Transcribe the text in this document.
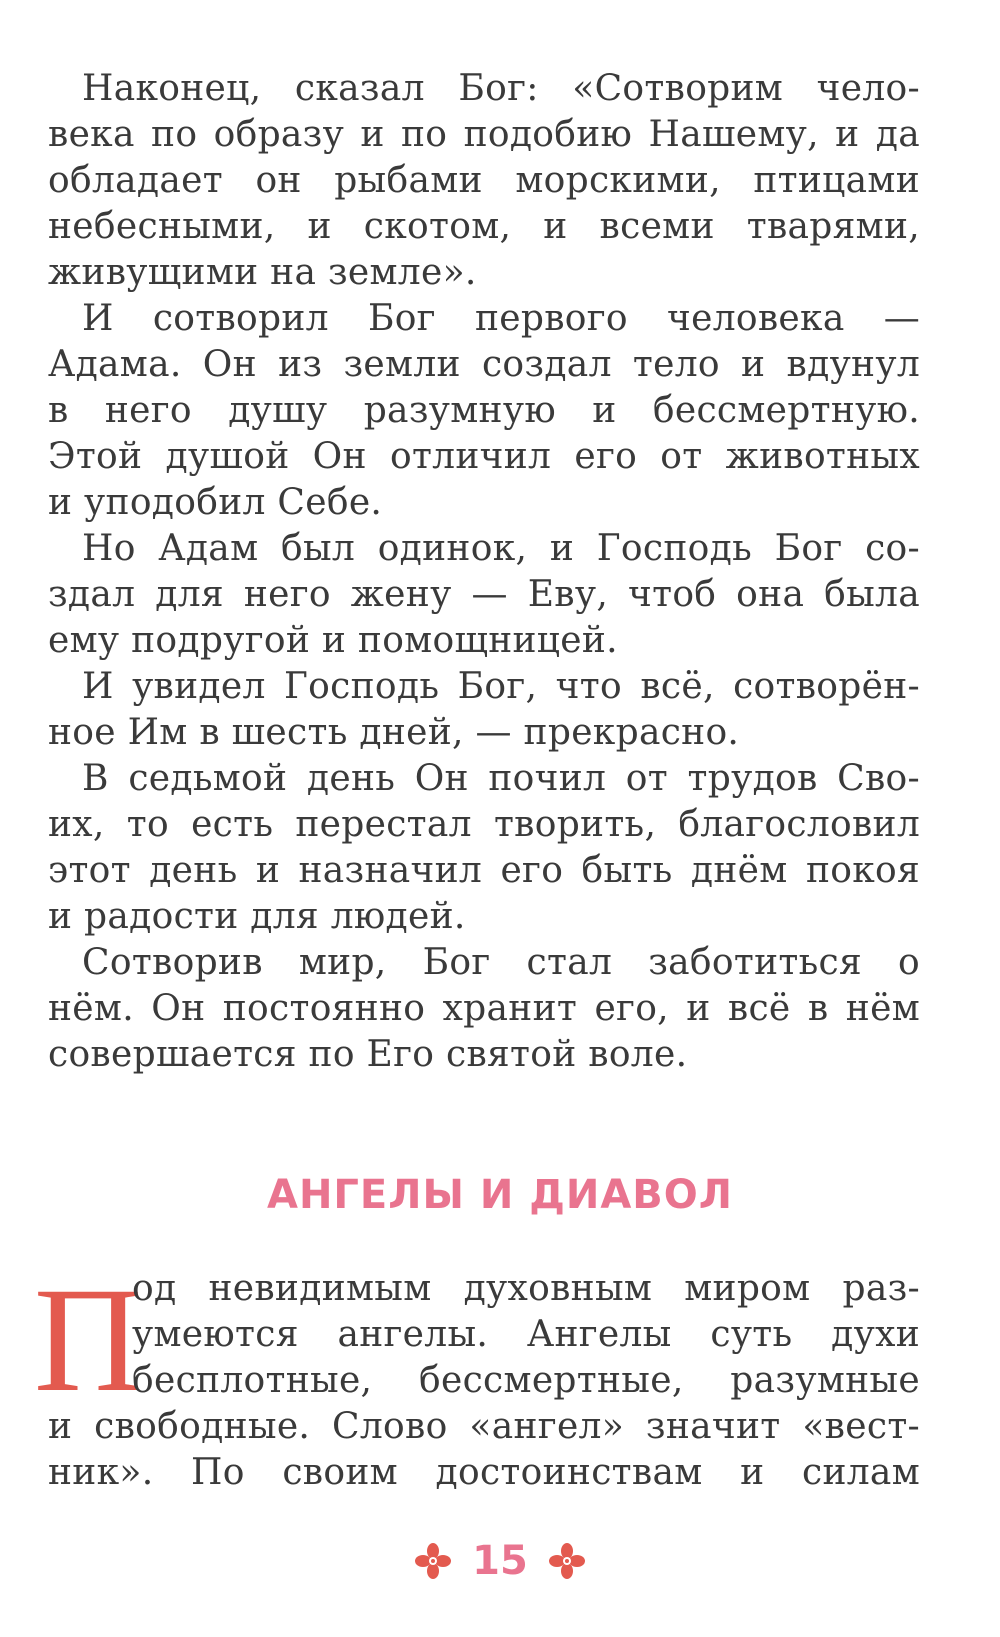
Наконец, сказал Бог: «Сотворим чело-
века по образу и по подобию Нашему, и да
обладает он рыбами морскими, птицами
небесными, и скотом, и всеми тварями,
живущими на земле».
И сотворил Бог первого человека —
Адама. Он из земли создал тело и вдунул
в него душу разумную и бессмертную.
Этой душой Он отличил его от животных
и уподобил Себе.
Но Адам был одинок, и Господь Бог со-
здал для него жену — Еву, чтоб она была
ему подругой и помощницей.
И увидел Господь Бог, что всё, сотворён-
ное Им в шесть дней, — прекрасно.
В седьмой день Он почил от трудов Сво-
их, то есть перестал творить, благословил
этот день и назначил его быть днём покоя
и радости для людей.
Сотворив мир, Бог стал заботиться о
нём. Он постоянно хранит его, и всё в нём
совершается по Его святой воле.
АНГЕЛЫ И ДИАВОЛ
П
од невидимым духовным миром раз-
умеются ангелы. Ангелы суть духи
бесплотные, бессмертные, разумные
и свободные. Слово «ангел» значит «вест-
ник». По своим достоинствам и силам
15
